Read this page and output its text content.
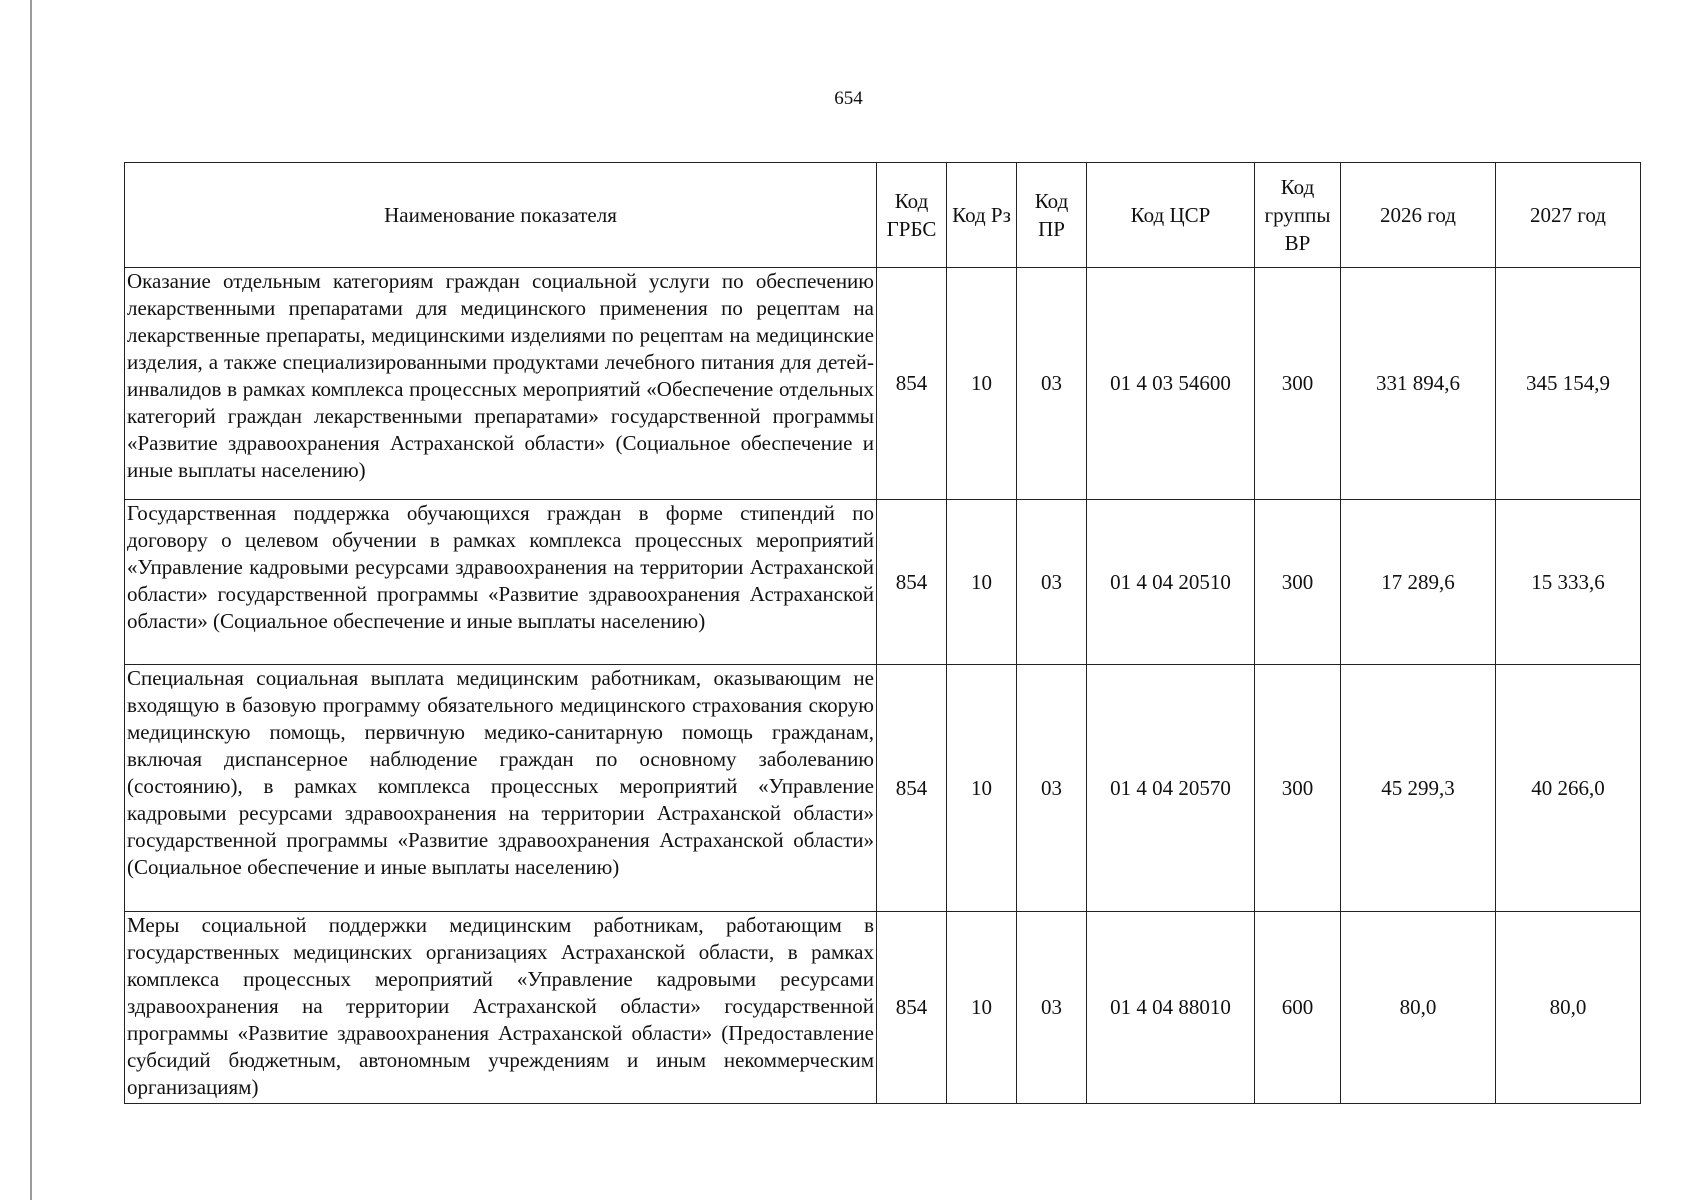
654
Наименование показателя	Код ГРБС	Код Рз	Код ПР	Код ЦСР	Код группы ВР	2026 год	2027 год
Оказание отдельным категориям граждан социальной услуги по обеспечению лекарственными препаратами для медицинского применения по рецептам на лекарственные препараты, медицинскими изделиями по рецептам на медицинские изделия, а также специализированными продуктами лечебного питания для детей-инвалидов в рамках комплекса процессных мероприятий «Обеспечение отдельных категорий граждан лекарственными препаратами» государственной программы «Развитие здравоохранения Астраханской области» (Социальное обеспечение и иные выплаты населению)	854	10	03	01 4 03 54600	300	331 894,6	345 154,9
Государственная поддержка обучающихся граждан в форме стипендий по договору о целевом обучении в рамках комплекса процессных мероприятий «Управление кадровыми ресурсами здравоохранения на территории Астраханской области» государственной программы «Развитие здравоохранения Астраханской области» (Социальное обеспечение и иные выплаты населению)	854	10	03	01 4 04 20510	300	17 289,6	15 333,6
Специальная социальная выплата медицинским работникам, оказывающим не входящую в базовую программу обязательного медицинского страхования скорую медицинскую помощь, первичную медико-санитарную помощь гражданам, включая диспансерное наблюдение граждан по основному заболеванию (состоянию), в рамках комплекса процессных мероприятий «Управление кадровыми ресурсами здравоохранения на территории Астраханской области» государственной программы «Развитие здравоохранения Астраханской области» (Социальное обеспечение и иные выплаты населению)	854	10	03	01 4 04 20570	300	45 299,3	40 266,0
Меры социальной поддержки медицинским работникам, работающим в государственных медицинских организациях Астраханской области, в рамках комплекса процессных мероприятий «Управление кадровыми ресурсами здравоохранения на территории Астраханской области» государственной программы «Развитие здравоохранения Астраханской области» (Предоставление субсидий бюджетным, автономным учреждениям и иным некоммерческим организациям)	854	10	03	01 4 04 88010	600	80,0	80,0
